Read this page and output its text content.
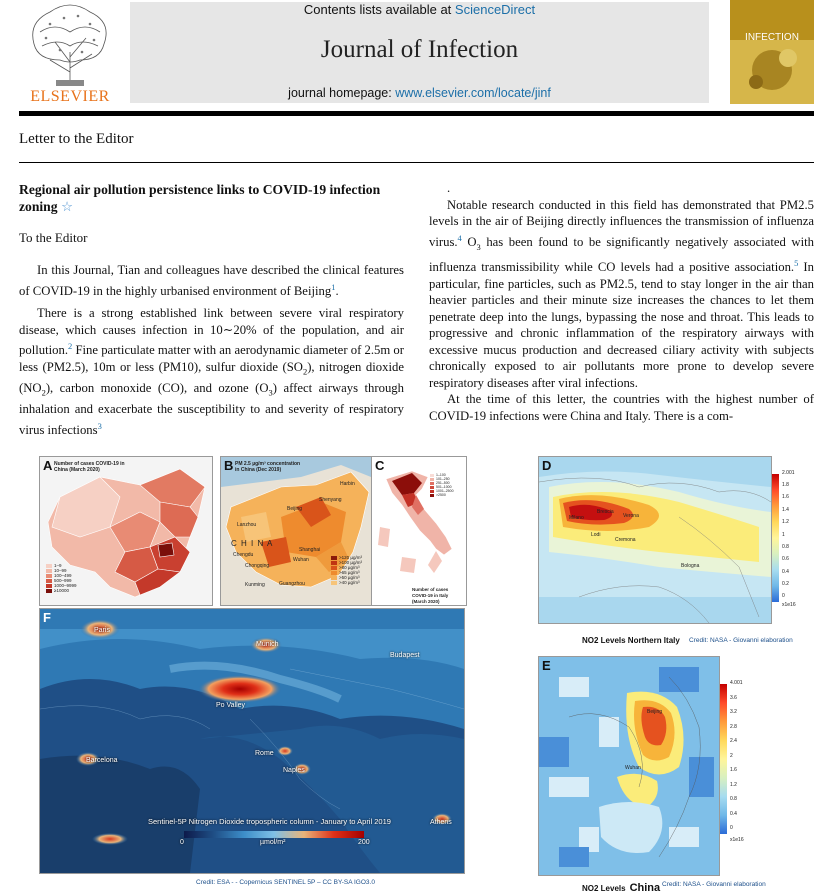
ELSEVIER
Contents lists available at ScienceDirect
Journal of Infection
journal homepage: www.elsevier.com/locate/jinf
INFECTION
Letter to the Editor
Regional air pollution persistence links to COVID-19 infection zoning ☆
To the Editor

In this Journal, Tian and colleagues have described the clinical features of COVID-19 in the highly urbanised environment of Beijing$^1$.

There is a strong established link between severe viral respiratory disease, which causes infection in 10∼20% of the population, and air pollution.$^2$ Fine particulate matter with an aerodynamic diameter of 2.5m or less (PM2.5), 10m or less (PM10), sulfur dioxide $(SO_2)$, nitrogen dioxide $(NO_2)$, carbon monoxide (CO), and ozone $(O_3)$ affect airways through inhalation and exacerbate the susceptibility to and severity of respiratory virus infections$^3$

.

Notable research conducted in this field has demonstrated that PM2.5 levels in the air of Beijing directly influences the transmission of influenza virus.$^4$ $O_3$ has been found to be significantly negatively associated with influenza transmissibility while CO levels had a positive association.$^5$ In particular, fine particles, such as PM2.5, tend to stay longer in the air than heavier particles and their minute size increases the chances to let them penetrate deep into the lungs, bypassing the nose and throat. This leads to progressive and chronic inflammation of the respiratory airways with excessive mucus production and decreased ciliary activity with subjects chronically exposed to air pollutants more prone to develop severe respiratory diseases after viral infections.

At the time of this letter, the countries with the highest number of COVID-19 infections were China and Italy. There is a com-

A Number of cases COVID-19 in China (March 2020)
1–9
10–99
100–499
500–999
1000–9999
≥10000
B PM 2.5 µg/m³ concentration in China (Dec 2019)
C H I N A
Harbin
Shenyang
Beijing
Lanzhou
Shanghai
Chengdu
Wuhan
Chongqing
Kunming	Guangzhou
>120 µg/m³
>100 µg/m³
>80 µg/m³
>65 µg/m³
>50 µg/m³
>40 µg/m³
C
1–100
101–250
251–500
501–1000
1001–2500
>2500
Number of cases COVID-19 in Italy (March 2020)
D
Milano
Brescia
Verona
Lodi
Cremona
Bologna
2.001
1.8
1.6
1.4
1.2
1
0.8
0.6
0.4
0.2
0
x1e16
NO2 Levels Northern Italy Credit: NASA - Giovanni elaboration
F
Paris
Munich
Budapest
Po Valley
Rome
Naples
Barcelona
Athens
Sentinel-5P Nitrogen Dioxide tropospheric column - January to April 2019
0	µmol/m²	200
Credit: ESA - - Copernicus SENTINEL 5P – CC BY-SA IGO3.0
E
Beijing
Wuhan
4.001
3.6
3.2
2.8
2.4
2
1.6
1.2
0.8
0.4
0
x1e16
NO2 Levels China Credit: NASA - Giovanni elaboration
